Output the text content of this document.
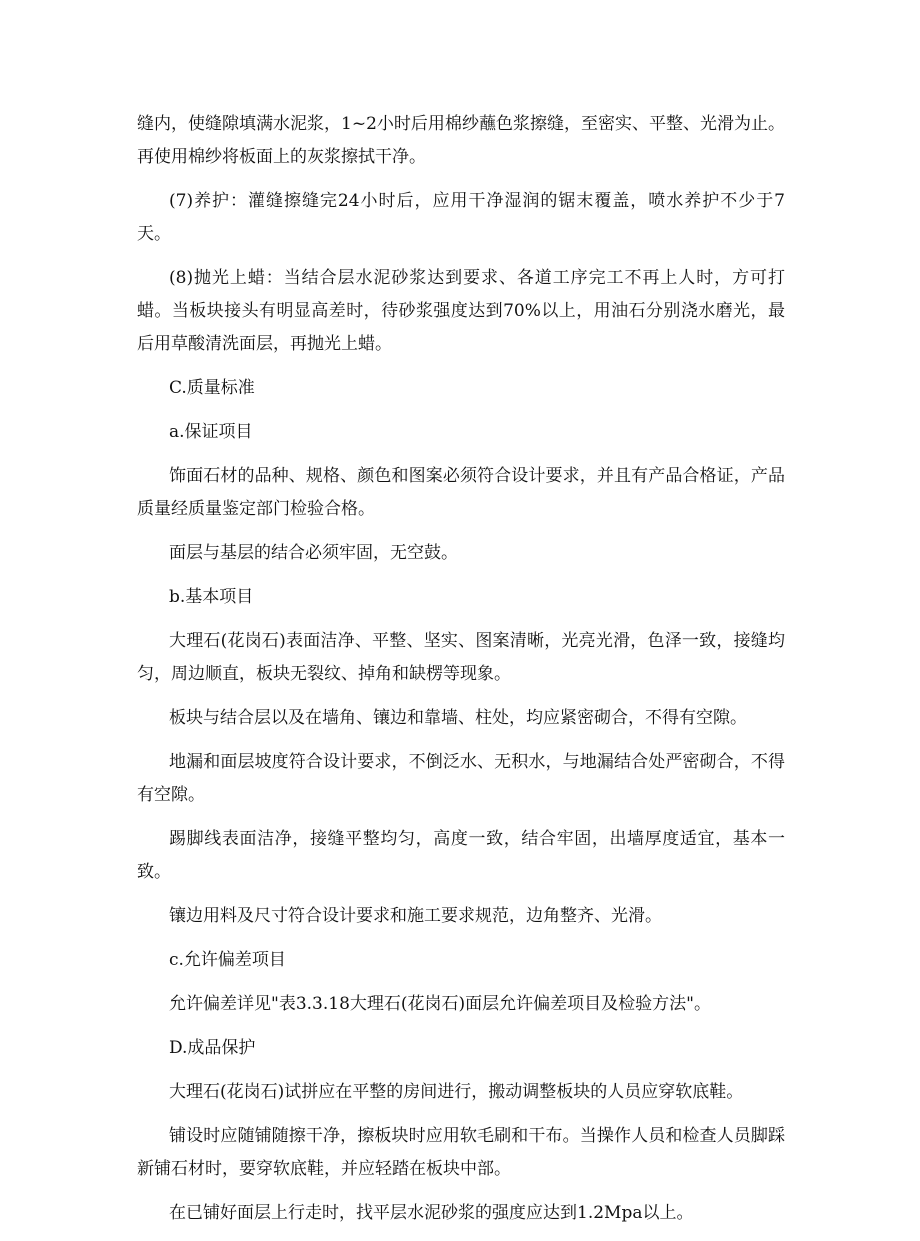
缝内，使缝隙填满水泥浆，1~2小时后用棉纱蘸色浆擦缝，至密实、平整、光滑为止。再使用棉纱将板面上的灰浆擦拭干净。

(7)养护：灌缝擦缝完24小时后，应用干净湿润的锯末覆盖，喷水养护不少于7天。

(8)抛光上蜡：当结合层水泥砂浆达到要求、各道工序完工不再上人时，方可打蜡。当板块接头有明显高差时，待砂浆强度达到70%以上，用油石分别浇水磨光，最后用草酸清洗面层，再抛光上蜡。

C.质量标准

a.保证项目

饰面石材的品种、规格、颜色和图案必须符合设计要求，并且有产品合格证，产品质量经质量鉴定部门检验合格。

面层与基层的结合必须牢固，无空鼓。

b.基本项目

大理石(花岗石)表面洁净、平整、坚实、图案清晰，光亮光滑，色泽一致，接缝均匀，周边顺直，板块无裂纹、掉角和缺楞等现象。

板块与结合层以及在墙角、镶边和靠墙、柱处，均应紧密砌合，不得有空隙。

地漏和面层坡度符合设计要求，不倒泛水、无积水，与地漏结合处严密砌合，不得有空隙。

踢脚线表面洁净，接缝平整均匀，高度一致，结合牢固，出墙厚度适宜，基本一致。

镶边用料及尺寸符合设计要求和施工要求规范，边角整齐、光滑。

c.允许偏差项目

允许偏差详见"表3.3.18大理石(花岗石)面层允许偏差项目及检验方法"。

D.成品保护

大理石(花岗石)试拼应在平整的房间进行，搬动调整板块的人员应穿软底鞋。

铺设时应随铺随擦干净，擦板块时应用软毛刷和干布。当操作人员和检查人员脚踩新铺石材时，要穿软底鞋，并应轻踏在板块中部。

在已铺好面层上行走时，找平层水泥砂浆的强度应达到1.2Mpa以上。
